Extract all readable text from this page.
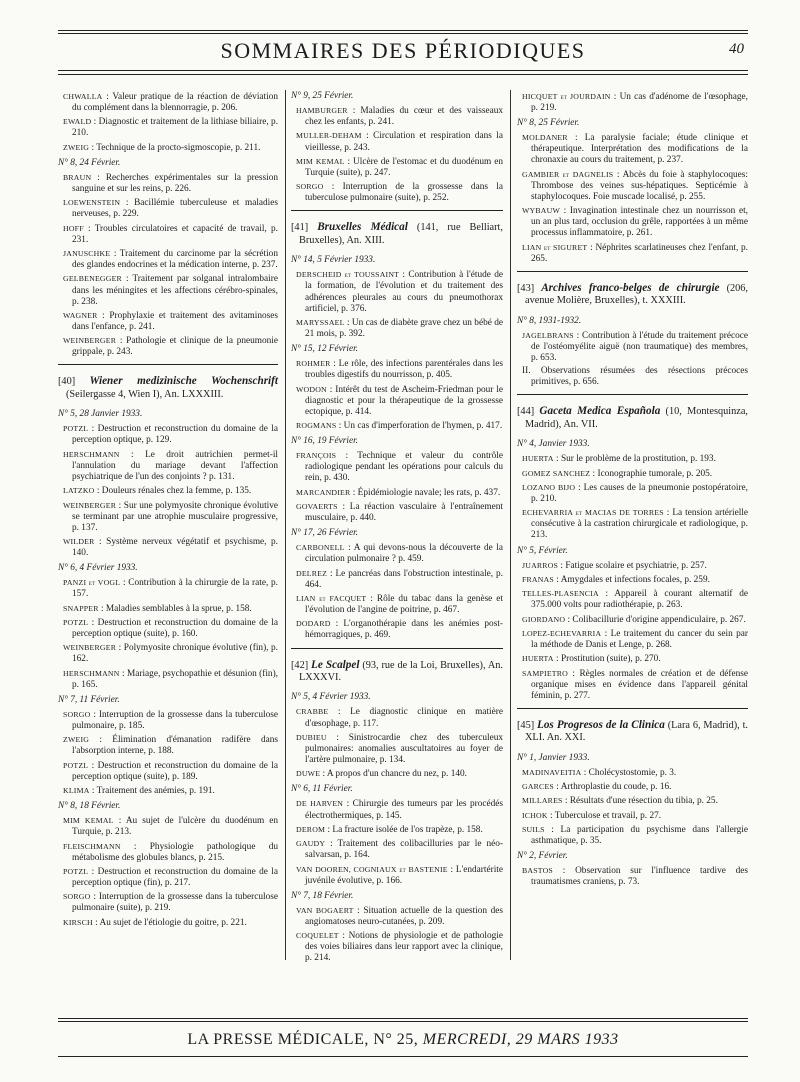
SOMMAIRES DES PÉRIODIQUES	40
CHWALLA : Valeur pratique de la réaction de déviation du complément dans la blennorragie, p. 206.
EWALD : Diagnostic et traitement de la lithiase biliaire, p. 210.
ZWEIG : Technique de la procto-sigmoscopie, p. 211.
N° 8, 24 Février.
BRAUN : Recherches expérimentales sur la pression sanguine et sur les reins, p. 226.
LOEWENSTEIN : Bacillémie tuberculeuse et maladies nerveuses, p. 229.
HOFF : Troubles circulatoires et capacité de travail, p. 231.
JANUSCHKE : Traitement du carcinome par la sécrétion des glandes endocrines et la médication interne, p. 237.
GELBENEGGER : Traitement par solganal intralombaire dans les méningites et les affections cérébro-spinales, p. 238.
WAGNER : Prophylaxie et traitement des avitaminoses dans l'enfance, p. 241.
WEINBERGER : Pathologie et clinique de la pneumonie grippale, p. 243.
[40] Wiener medizinische Wochenschrift (Seilergasse 4, Wien I), An. LXXXIII.
N° 5, 28 Janvier 1933.
POTZL : Destruction et reconstruction du domaine de la perception optique, p. 129.
HERSCHMANN : Le droit autrichien permet-il l'annulation du mariage devant l'affection psychiatrique de l'un des conjoints ? p. 131.
LATZKO : Douleurs rénales chez la femme, p. 135.
WEINBERGER : Sur une polymyosite chronique évolutive se terminant par une atrophie musculaire progressive, p. 137.
WILDER : Système nerveux végétatif et psychisme, p. 140.
N° 6, 4 Février 1933.
PANZI et VOGL : Contribution à la chirurgie de la rate, p. 157.
SNAPPER : Maladies semblables à la sprue, p. 158.
POTZL : Destruction et reconstruction du domaine de la perception optique (suite), p. 160.
WEINBERGER : Polymyosite chronique évolutive (fin), p. 162.
HERSCHMANN : Mariage, psychopathie et désunion (fin), p. 165.
N° 7, 11 Février.
SORGO : Interruption de la grossesse dans la tuberculose pulmonaire, p. 185.
ZWEIG : Élimination d'émanation radifère dans l'absorption interne, p. 188.
POTZL : Destruction et reconstruction du domaine de la perception optique (suite), p. 189.
KLIMA : Traitement des anémies, p. 191.
N° 8, 18 Février.
MIM KEMAL : Au sujet de l'ulcère du duodénum en Turquie, p. 213.
FLEISCHMANN : Physiologie pathologique du métabolisme des globules blancs, p. 215.
POTZL : Destruction et reconstruction du domaine de la perception optique (fin), p. 217.
SORGO : Interruption de la grossesse dans la tuberculose pulmonaire (suite), p. 219.
KIRSCH : Au sujet de l'étiologie du goitre, p. 221.
N° 9, 25 Février.
HAMBURGER : Maladies du cœur et des vaisseaux chez les enfants, p. 241.
MULLER-DEHAM : Circulation et respiration dans la vieillesse, p. 243.
MIM KEMAL : Ulcère de l'estomac et du duodénum en Turquie (suite), p. 247.
SORGO : Interruption de la grossesse dans la tuberculose pulmonaire (suite), p. 252.
[41] Bruxelles Médical (141, rue Belliart, Bruxelles), An. XIII.
N° 14, 5 Février 1933.
DERSCHEID et TOUSSAINT : Contribution à l'étude de la formation, de l'évolution et du traitement des adhérences pleurales au cours du pneumothorax artificiel, p. 376.
MARYSSAEL : Un cas de diabète grave chez un bébé de 21 mois, p. 392.
N° 15, 12 Février.
ROHMER : Le rôle, des infections parentérales dans les troubles digestifs du nourrisson, p. 405.
WODON : Intérêt du test de Ascheim-Friedman pour le diagnostic et pour la thérapeutique de la grossesse ectopique, p. 414.
ROGMANS : Un cas d'imperforation de l'hymen, p. 417.
N° 16, 19 Février.
FRANÇOIS : Technique et valeur du contrôle radiologique pendant les opérations pour calculs du rein, p. 430.
MARCANDIER : Épidémiologie navale; les rats, p. 437.
GOVAERTS : La réaction vasculaire à l'entraînement musculaire, p. 440.
N° 17, 26 Février.
CARBONELL : A qui devons-nous la découverte de la circulation pulmonaire ? p. 459.
DELREZ : Le pancréas dans l'obstruction intestinale, p. 464.
LIAN et FACQUET : Rôle du tabac dans la genèse et l'évolution de l'angine de poitrine, p. 467.
DODARD : L'organothérapie dans les anémies post-hémorragiques, p. 469.
[42] Le Scalpel (93, rue de la Loi, Bruxelles), An. LXXXVI.
N° 5, 4 Février 1933.
CRABBE : Le diagnostic clinique en matière d'œsophage, p. 117.
DUBIEU : Sinistrocardie chez des tuberculeux pulmonaires: anomalies auscultatoires au foyer de l'artère pulmonaire, p. 134.
DUWE : A propos d'un chancre du nez, p. 140.
N° 6, 11 Février.
DE HARVEN : Chirurgie des tumeurs par les procédés électrothermiques, p. 145.
DEROM : La fracture isolée de l'os trapèze, p. 158.
GAUDY : Traitement des colibacilluries par le néo-salvarsan, p. 164.
VAN DOOREN, COGNIAUX et BASTENIE : L'endartérite juvénile évolutive, p. 166.
N° 7, 18 Février.
VAN BOGAERT : Situation actuelle de la question des angiomatoses neuro-cutanées, p. 209.
COQUELET : Notions de physiologie et de pathologie des voies biliaires dans leur rapport avec la clinique, p. 214.
HICQUET et JOURDAIN : Un cas d'adénome de l'œsophage, p. 219.
N° 8, 25 Février.
MOLDANER : La paralysie faciale; étude clinique et thérapeutique. Interprétation des modifications de la chronaxie au cours du traitement, p. 237.
GAMBIER et DAGNELIS : Abcès du foie à staphylocoques: Thrombose des veines sus-hépatiques. Septicémie à staphylocoques. Foie muscade localisé, p. 255.
WYBAUW : Invagination intestinale chez un nourrisson et, un an plus tard, occlusion du grêle, rapportées à un même processus inflammatoire, p. 261.
LIAN et SIGURET : Néphrites scarlatineuses chez l'enfant, p. 265.
[43] Archives franco-belges de chirurgie (206, avenue Molière, Bruxelles), t. XXXIII.
N° 8, 1931-1932.
JAGELBRANS : Contribution à l'étude du traitement précoce de l'ostéomyélite aiguë (non traumatique) des membres, p. 653.
II. Observations résumées des résections précoces primitives, p. 656.
[44] Gaceta Medica Española (10, Montesquinza, Madrid), An. VII.
N° 4, Janvier 1933.
HUERTA : Sur le problème de la prostitution, p. 193.
GOMEZ SANCHEZ : Iconographie tumorale, p. 205.
LOZANO BIJO : Les causes de la pneumonie postopératoire, p. 210.
ECHEVARRIA et MACIAS DE TORRES : La tension artérielle consécutive à la castration chirurgicale et radiologique, p. 213.
N° 5, Février.
JUARROS : Fatigue scolaire et psychiatrie, p. 257.
FRANAS : Amygdales et infections focales, p. 259.
TELLES-PLASENCIA : Appareil à courant alternatif de 375.000 volts pour radiothérapie, p. 263.
GIORDANO : Colibacillurie d'origine appendiculaire, p. 267.
LOPEZ-ECHEVARRIA : Le traitement du cancer du sein par la méthode de Danis et Lenge, p. 268.
HUERTA : Prostitution (suite), p. 270.
SAMPIETRO : Règles normales de création et de défense organique mises en évidence dans l'appareil génital féminin, p. 277.
[45] Los Progresos de la Clinica (Lara 6, Madrid), t. XLI. An. XXI.
N° 1, Janvier 1933.
MADINAVEITIA : Cholécystostomie, p. 3.
GARCES : Arthroplastie du coude, p. 16.
MILLARES : Résultats d'une résection du tibia, p. 25.
ICHOK : Tuberculose et travail, p. 27.
SUILS : La participation du psychisme dans l'allergie asthmatique, p. 35.
N° 2, Février.
BASTOS : Observation sur l'influence tardive des traumatismes craniens, p. 73.
LA PRESSE MÉDICALE, N° 25, MERCREDI, 29 MARS 1933
